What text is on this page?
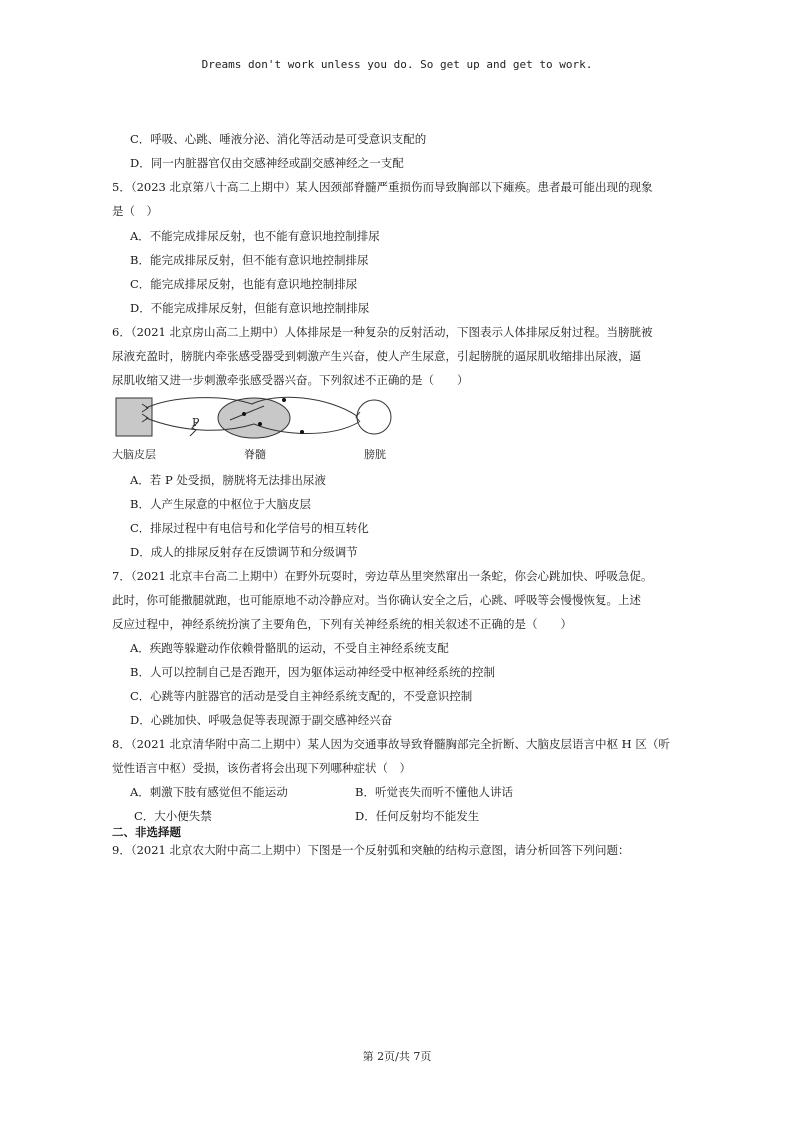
Dreams don't work unless you do. So get up and get to work.
C．呼吸、心跳、唾液分泌、消化等活动是可受意识支配的
D．同一内脏器官仅由交感神经或副交感神经之一支配
5．（2023 北京第八十高二上期中）某人因颈部脊髓严重损伤而导致胸部以下瘫痪。患者最可能出现的现象
是（　）
A．不能完成排尿反射，也不能有意识地控制排尿
B．能完成排尿反射，但不能有意识地控制排尿
C．能完成排尿反射，也能有意识地控制排尿
D．不能完成排尿反射，但能有意识地控制排尿
6．（2021 北京房山高二上期中）人体排尿是一种复杂的反射活动，下图表示人体排尿反射过程。当膀胱被
尿液充盈时，膀胱内牵张感受器受到刺激产生兴奋，使人产生尿意，引起膀胱的逼尿肌收缩排出尿液，逼
尿肌收缩又进一步刺激牵张感受器兴奋。下列叙述不正确的是（　　）
P
大脑皮层	脊髓	膀胱
A．若 P 处受损，膀胱将无法排出尿液
B．人产生尿意的中枢位于大脑皮层
C．排尿过程中有电信号和化学信号的相互转化
D．成人的排尿反射存在反馈调节和分级调节
7．（2021 北京丰台高二上期中）在野外玩耍时，旁边草丛里突然窜出一条蛇，你会心跳加快、呼吸急促。
此时，你可能撒腿就跑，也可能原地不动冷静应对。当你确认安全之后，心跳、呼吸等会慢慢恢复。上述
反应过程中，神经系统扮演了主要角色，下列有关神经系统的相关叙述不正确的是（　　）
A．疾跑等躲避动作依赖骨骼肌的运动，不受自主神经系统支配
B．人可以控制自己是否跑开，因为躯体运动神经受中枢神经系统的控制
C．心跳等内脏器官的活动是受自主神经系统支配的，不受意识控制
D．心跳加快、呼吸急促等表现源于副交感神经兴奋
8．（2021 北京清华附中高二上期中）某人因为交通事故导致脊髓胸部完全折断、大脑皮层语言中枢 H 区（听
觉性语言中枢）受损，该伤者将会出现下列哪种症状（　）
A．刺激下肢有感觉但不能运动	B．听觉丧失而听不懂他人讲话
C．大小便失禁	D．任何反射均不能发生
二、非选择题
9．（2021 北京农大附中高二上期中）下图是一个反射弧和突触的结构示意图，请分析回答下列问题：
第 2页/共 7页
